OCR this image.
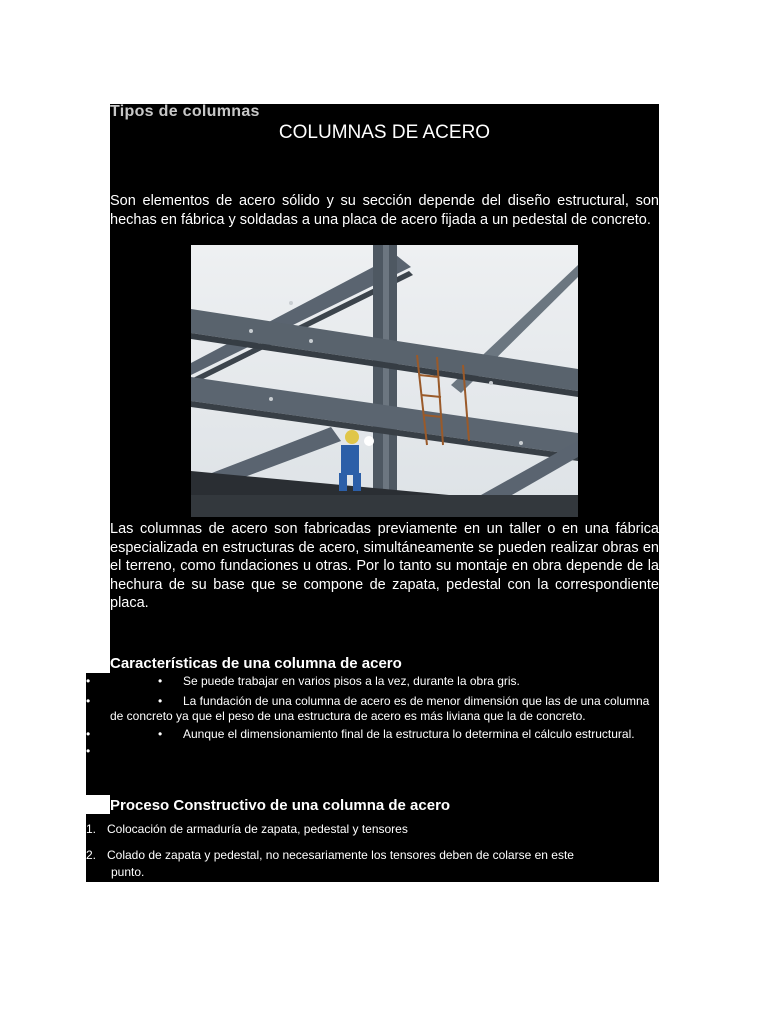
Tipos de columnas
COLUMNAS DE ACERO

Son elementos de acero sólido y su sección depende del diseño estructural, son hechas en fábrica y soldadas a una placa de acero fijada a un pedestal de concreto.

Las columnas de acero son fabricadas previamente en un taller o en una fábrica especializada en estructuras de acero, simultáneamente se pueden realizar obras en el terreno, como fundaciones u otras. Por lo tanto su montaje en obra depende de la hechura de su base que se compone de zapata, pedestal con la correspondiente placa.

Características de una columna de acero
•	•	Se puede trabajar en varios pisos a la vez, durante la obra gris.
•	•	La fundación de una columna de acero es de menor dimensión que las de una columna de concreto ya que el peso de una estructura de acero es más liviana que la de concreto.
•	•	Aunque el dimensionamiento final de la estructura lo determina el cálculo estructural.
•
Proceso Constructivo de una columna de acero
1. Colocación de armaduría de zapata, pedestal y tensores
2. Colado de zapata y pedestal, no necesariamente los tensores deben de colarse en este
punto.
